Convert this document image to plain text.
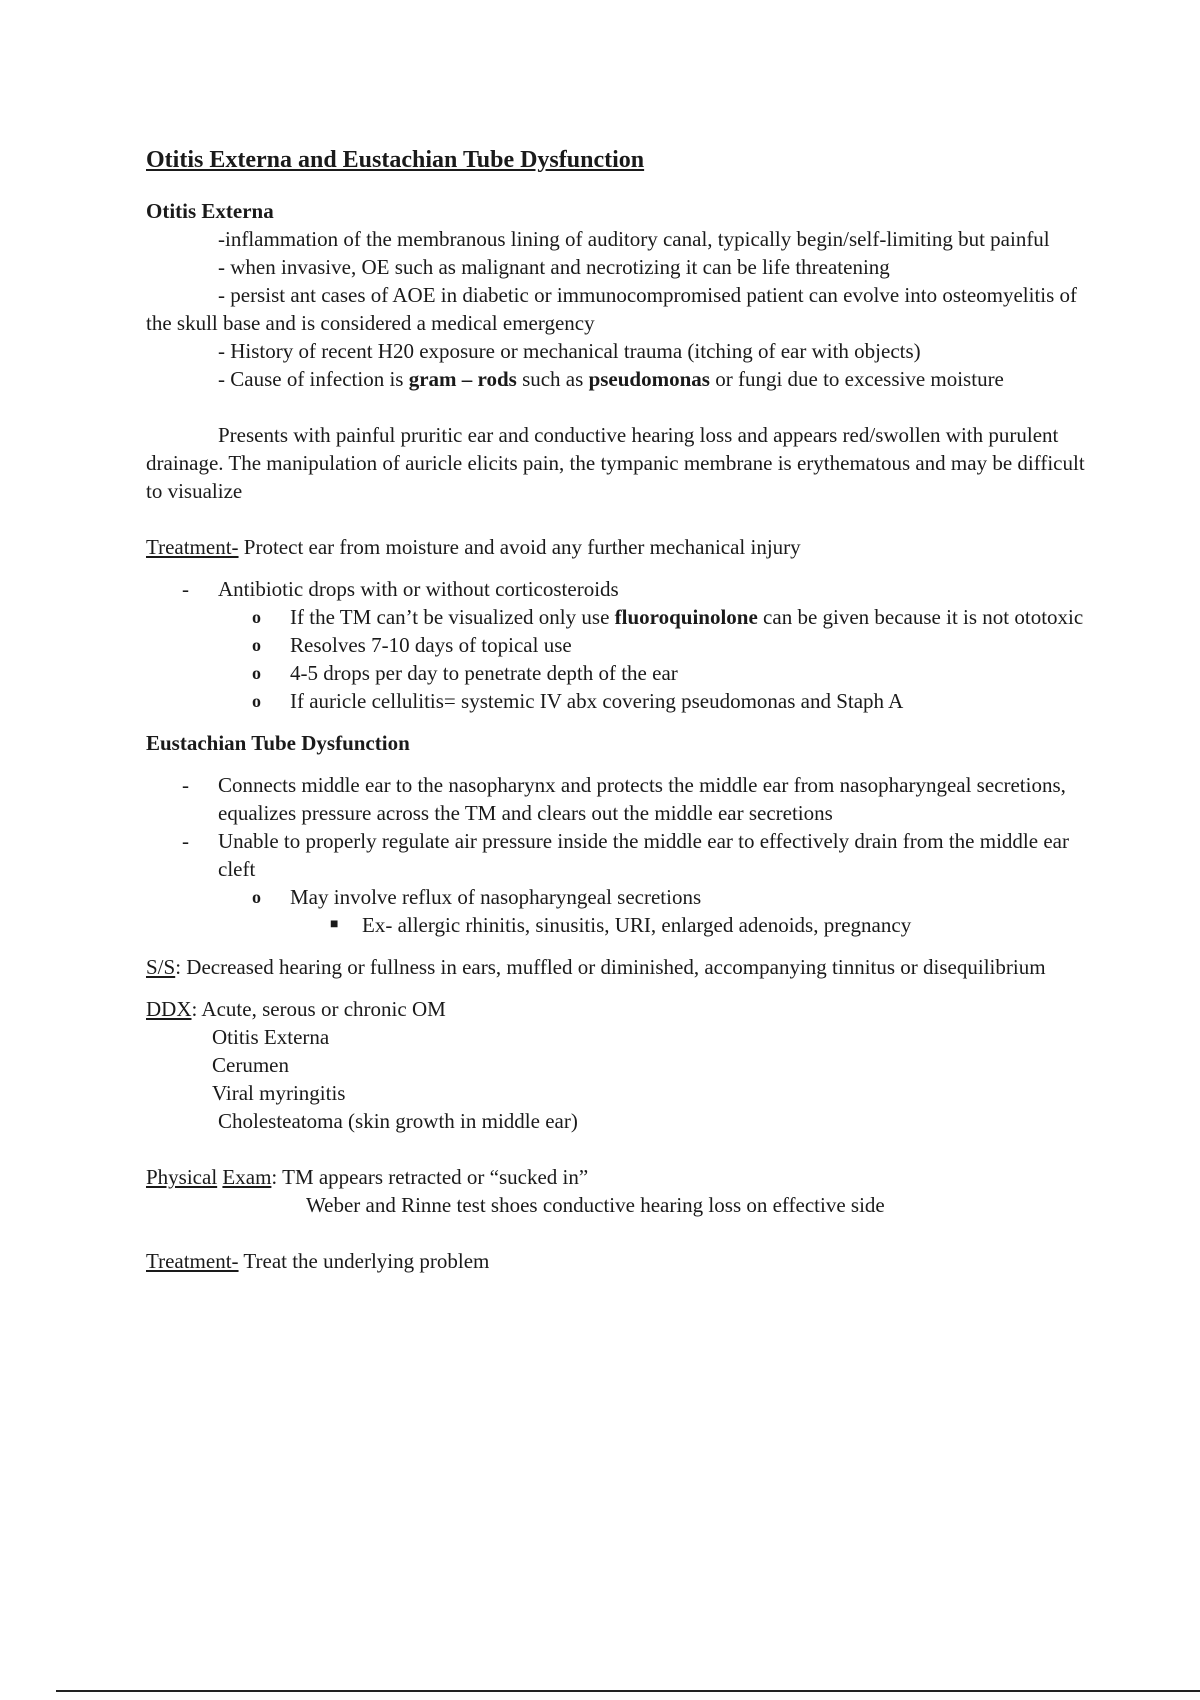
Otitis Externa and Eustachian Tube Dysfunction

Otitis Externa

-inflammation of the membranous lining of auditory canal, typically begin/self-limiting but painful

- when invasive, OE such as malignant and necrotizing it can be life threatening

- persist ant cases of AOE in diabetic or immunocompromised patient can evolve into osteomyelitis of the skull base and is considered a medical emergency

- History of recent H20 exposure or mechanical trauma (itching of ear with objects)

- Cause of infection is gram – rods such as pseudomonas or fungi due to excessive moisture

Presents with painful pruritic ear and conductive hearing loss and appears red/swollen with purulent drainage. The manipulation of auricle elicits pain, the tympanic membrane is erythematous and may be difficult to visualize

Treatment- Protect ear from moisture and avoid any further mechanical injury

- Antibiotic drops with or without corticosteroids
o If the TM can’t be visualized only use fluoroquinolone can be given because it is not ototoxic
o Resolves 7-10 days of topical use
o 4-5 drops per day to penetrate depth of the ear
o If auricle cellulitis= systemic IV abx covering pseudomonas and Staph A

Eustachian Tube Dysfunction

- Connects middle ear to the nasopharynx and protects the middle ear from nasopharyngeal secretions, equalizes pressure across the TM and clears out the middle ear secretions
- Unable to properly regulate air pressure inside the middle ear to effectively drain from the middle ear cleft
o May involve reflux of nasopharyngeal secretions
■ Ex- allergic rhinitis, sinusitis, URI, enlarged adenoids, pregnancy

S/S: Decreased hearing or fullness in ears, muffled or diminished, accompanying tinnitus or disequilibrium

DDX: Acute, serous or chronic OM

Otitis Externa

Cerumen

Viral myringitis

Cholesteatoma (skin growth in middle ear)

Physical Exam: TM appears retracted or “sucked in”

Weber and Rinne test shoes conductive hearing loss on effective side

Treatment- Treat the underlying problem
